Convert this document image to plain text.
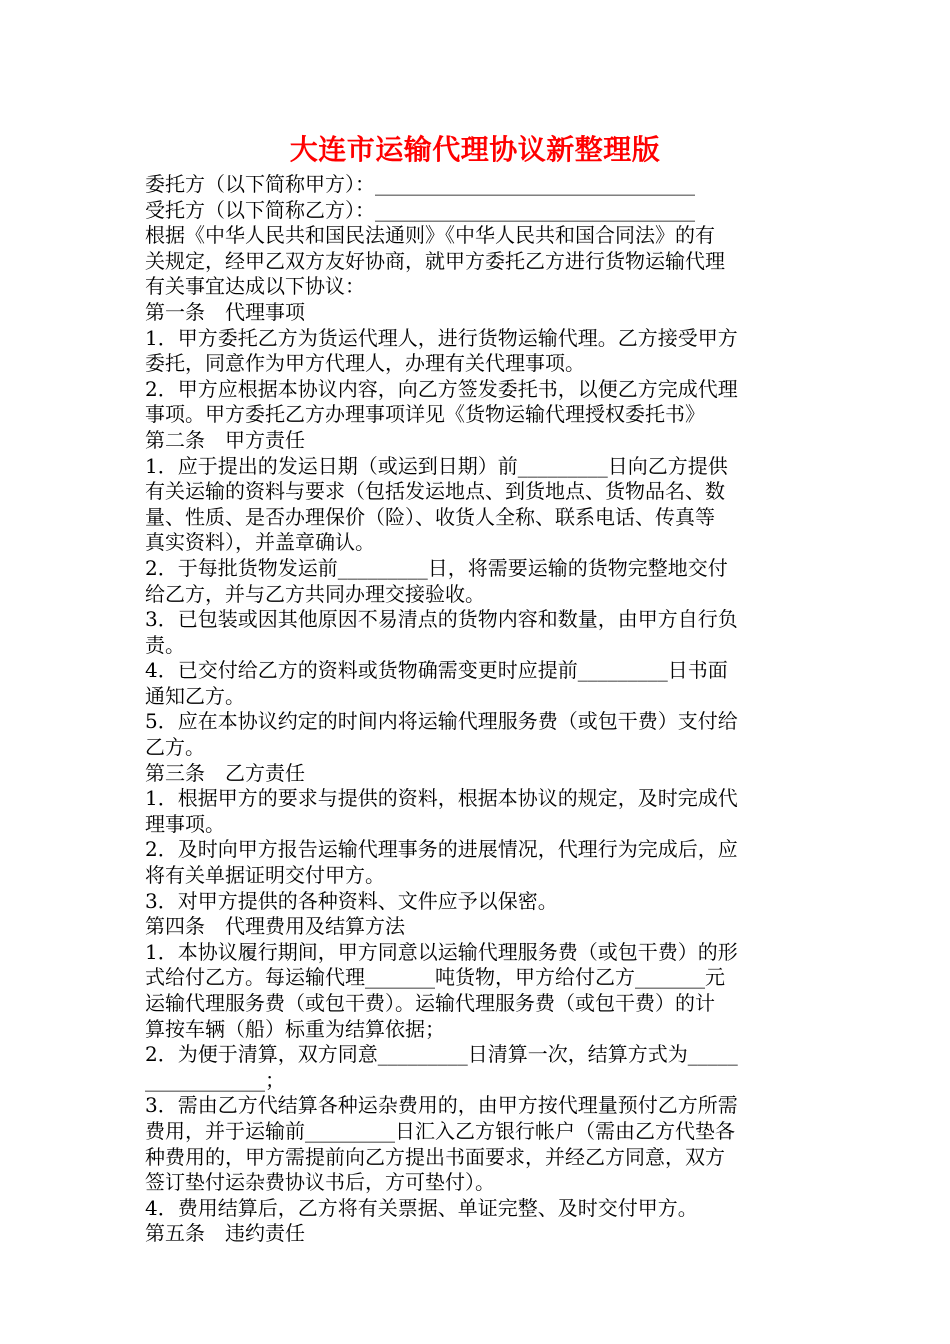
大连市运输代理协议新整理版
委托方（以下简称甲方）：________________________________
受托方（以下简称乙方）：________________________________
根据《中华人民共和国民法通则》《中华人民共和国合同法》的有
关规定，经甲乙双方友好协商，就甲方委托乙方进行货物运输代理
有关事宜达成以下协议：
第一条　代理事项
1．甲方委托乙方为货运代理人，进行货物运输代理。乙方接受甲方
委托，同意作为甲方代理人，办理有关代理事项。
2．甲方应根据本协议内容，向乙方签发委托书，以便乙方完成代理
事项。甲方委托乙方办理事项详见《货物运输代理授权委托书》
第二条　甲方责任
1．应于提出的发运日期（或运到日期）前_________日向乙方提供
有关运输的资料与要求（包括发运地点、到货地点、货物品名、数
量、性质、是否办理保价（险）、收货人全称、联系电话、传真等
真实资料），并盖章确认。
2．于每批货物发运前_________日，将需要运输的货物完整地交付
给乙方，并与乙方共同办理交接验收。
3．已包装或因其他原因不易清点的货物内容和数量，由甲方自行负
责。
4．已交付给乙方的资料或货物确需变更时应提前_________日书面
通知乙方。
5．应在本协议约定的时间内将运输代理服务费（或包干费）支付给
乙方。
第三条　乙方责任
1．根据甲方的要求与提供的资料，根据本协议的规定，及时完成代
理事项。
2．及时向甲方报告运输代理事务的进展情况，代理行为完成后，应
将有关单据证明交付甲方。
3．对甲方提供的各种资料、文件应予以保密。
第四条　代理费用及结算方法
1．本协议履行期间，甲方同意以运输代理服务费（或包干费）的形
式给付乙方。每运输代理_______吨货物，甲方给付乙方_______元
运输代理服务费（或包干费）。运输代理服务费（或包干费）的计
算按车辆（船）标重为结算依据；
2．为便于清算，双方同意_________日清算一次，结算方式为_____
____________；
3．需由乙方代结算各种运杂费用的，由甲方按代理量预付乙方所需
费用，并于运输前_________日汇入乙方银行帐户（需由乙方代垫各
种费用的，甲方需提前向乙方提出书面要求，并经乙方同意，双方
签订垫付运杂费协议书后，方可垫付）。
4．费用结算后，乙方将有关票据、单证完整、及时交付甲方。
第五条　违约责任
